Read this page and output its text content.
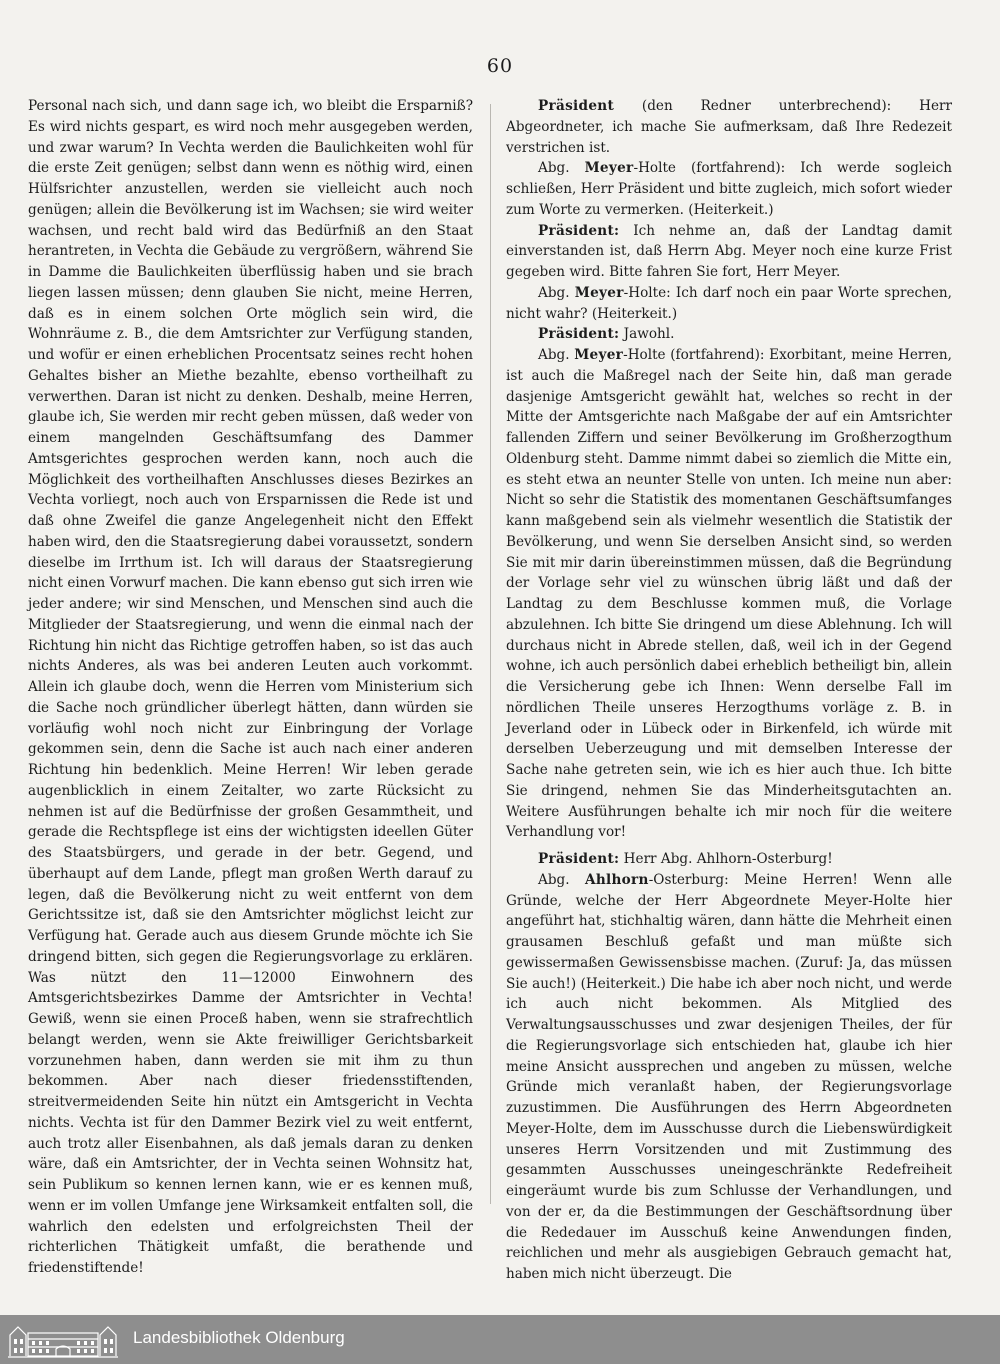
60

Personal nach sich, und dann sage ich, wo bleibt die Ersparniß? Es wird nichts gespart, es wird noch mehr ausgegeben werden, und zwar warum? In Vechta werden die Baulichkeiten wohl für die erste Zeit genügen; selbst dann wenn es nöthig wird, einen Hülfsrichter anzustellen, werden sie vielleicht auch noch genügen; allein die Bevölkerung ist im Wachsen; sie wird weiter wachsen, und recht bald wird das Bedürfniß an den Staat herantreten, in Vechta die Gebäude zu vergrößern, während Sie in Damme die Baulichkeiten überflüssig haben und sie brach liegen lassen müssen; denn glauben Sie nicht, meine Herren, daß es in einem solchen Orte möglich sein wird, die Wohnräume z. B., die dem Amtsrichter zur Verfügung standen, und wofür er einen erheblichen Procentsatz seines recht hohen Gehaltes bisher an Miethe bezahlte, ebenso vortheilhaft zu verwerthen. Daran ist nicht zu denken. Deshalb, meine Herren, glaube ich, Sie werden mir recht geben müssen, daß weder von einem mangelnden Geschäftsumfang des Dammer Amtsgerichtes gesprochen werden kann, noch auch die Möglichkeit des vortheilhaften Anschlusses dieses Bezirkes an Vechta vorliegt, noch auch von Ersparnissen die Rede ist und daß ohne Zweifel die ganze Angelegenheit nicht den Effekt haben wird, den die Staatsregierung dabei voraussetzt, sondern dieselbe im Irrthum ist. Ich will daraus der Staatsregierung nicht einen Vorwurf machen. Die kann ebenso gut sich irren wie jeder andere; wir sind Menschen, und Menschen sind auch die Mitglieder der Staatsregierung, und wenn die einmal nach der Richtung hin nicht das Richtige getroffen haben, so ist das auch nichts Anderes, als was bei anderen Leuten auch vorkommt. Allein ich glaube doch, wenn die Herren vom Ministerium sich die Sache noch gründlicher überlegt hätten, dann würden sie vorläufig wohl noch nicht zur Einbringung der Vorlage gekommen sein, denn die Sache ist auch nach einer anderen Richtung hin bedenklich. Meine Herren! Wir leben gerade augenblicklich in einem Zeitalter, wo zarte Rücksicht zu nehmen ist auf die Bedürfnisse der großen Gesammtheit, und gerade die Rechtspflege ist eins der wichtigsten ideellen Güter des Staatsbürgers, und gerade in der betr. Gegend, und überhaupt auf dem Lande, pflegt man großen Werth darauf zu legen, daß die Bevölkerung nicht zu weit entfernt von dem Gerichtssitze ist, daß sie den Amtsrichter möglichst leicht zur Verfügung hat. Gerade auch aus diesem Grunde möchte ich Sie dringend bitten, sich gegen die Regierungsvorlage zu erklären. Was nützt den 11—12000 Einwohnern des Amtsgerichtsbezirkes Damme der Amtsrichter in Vechta! Gewiß, wenn sie einen Proceß haben, wenn sie strafrechtlich belangt werden, wenn sie Akte freiwilliger Gerichtsbarkeit vorzunehmen haben, dann werden sie mit ihm zu thun bekommen. Aber nach dieser friedensstiftenden, streitvermeidenden Seite hin nützt ein Amtsgericht in Vechta nichts. Vechta ist für den Dammer Bezirk viel zu weit entfernt, auch trotz aller Eisenbahnen, als daß jemals daran zu denken wäre, daß ein Amtsrichter, der in Vechta seinen Wohnsitz hat, sein Publikum so kennen lernen kann, wie er es kennen muß, wenn er im vollen Umfange jene Wirksamkeit entfalten soll, die wahrlich den edelsten und erfolgreichsten Theil der richterlichen Thätigkeit umfaßt, die berathende und friedenstiftende!

Präsident (den Redner unterbrechend): Herr Abgeordneter, ich mache Sie aufmerksam, daß Ihre Redezeit verstrichen ist.

Abg. Meyer-Holte (fortfahrend): Ich werde sogleich schließen, Herr Präsident und bitte zugleich, mich sofort wieder zum Worte zu vermerken. (Heiterkeit.)

Präsident: Ich nehme an, daß der Landtag damit einverstanden ist, daß Herrn Abg. Meyer noch eine kurze Frist gegeben wird. Bitte fahren Sie fort, Herr Meyer.

Abg. Meyer-Holte: Ich darf noch ein paar Worte sprechen, nicht wahr? (Heiterkeit.)

Präsident: Jawohl.

Abg. Meyer-Holte (fortfahrend): Exorbitant, meine Herren, ist auch die Maßregel nach der Seite hin, daß man gerade dasjenige Amtsgericht gewählt hat, welches so recht in der Mitte der Amtsgerichte nach Maßgabe der auf ein Amtsrichter fallenden Ziffern und seiner Bevölkerung im Großherzogthum Oldenburg steht. Damme nimmt dabei so ziemlich die Mitte ein, es steht etwa an neunter Stelle von unten. Ich meine nun aber: Nicht so sehr die Statistik des momentanen Geschäftsumfanges kann maßgebend sein als vielmehr wesentlich die Statistik der Bevölkerung, und wenn Sie derselben Ansicht sind, so werden Sie mit mir darin übereinstimmen müssen, daß die Begründung der Vorlage sehr viel zu wünschen übrig läßt und daß der Landtag zu dem Beschlusse kommen muß, die Vorlage abzulehnen. Ich bitte Sie dringend um diese Ablehnung. Ich will durchaus nicht in Abrede stellen, daß, weil ich in der Gegend wohne, ich auch persönlich dabei erheblich betheiligt bin, allein die Versicherung gebe ich Ihnen: Wenn derselbe Fall im nördlichen Theile unseres Herzogthums vorläge z. B. in Jeverland oder in Lübeck oder in Birkenfeld, ich würde mit derselben Ueberzeugung und mit demselben Interesse der Sache nahe getreten sein, wie ich es hier auch thue. Ich bitte Sie dringend, nehmen Sie das Minderheitsgutachten an. Weitere Ausführungen behalte ich mir noch für die weitere Verhandlung vor!

Präsident: Herr Abg. Ahlhorn-Osterburg!

Abg. Ahlhorn-Osterburg: Meine Herren! Wenn alle Gründe, welche der Herr Abgeordnete Meyer-Holte hier angeführt hat, stichhaltig wären, dann hätte die Mehrheit einen grausamen Beschluß gefaßt und man müßte sich gewissermaßen Gewissensbisse machen. (Zuruf: Ja, das müssen Sie auch!) (Heiterkeit.) Die habe ich aber noch nicht, und werde ich auch nicht bekommen. Als Mitglied des Verwaltungsausschusses und zwar desjenigen Theiles, der für die Regierungsvorlage sich entschieden hat, glaube ich hier meine Ansicht aussprechen und angeben zu müssen, welche Gründe mich veranlaßt haben, der Regierungsvorlage zuzustimmen. Die Ausführungen des Herrn Abgeordneten Meyer-Holte, dem im Ausschusse durch die Liebenswürdigkeit unseres Herrn Vorsitzenden und mit Zustimmung des gesammten Ausschusses uneingeschränkte Redefreiheit eingeräumt wurde bis zum Schlusse der Verhandlungen, und von der er, da die Bestimmungen der Geschäftsordnung über die Rededauer im Ausschuß keine Anwendungen finden, reichlichen und mehr als ausgiebigen Gebrauch gemacht hat, haben mich nicht überzeugt. Die

Landesbibliothek Oldenburg
